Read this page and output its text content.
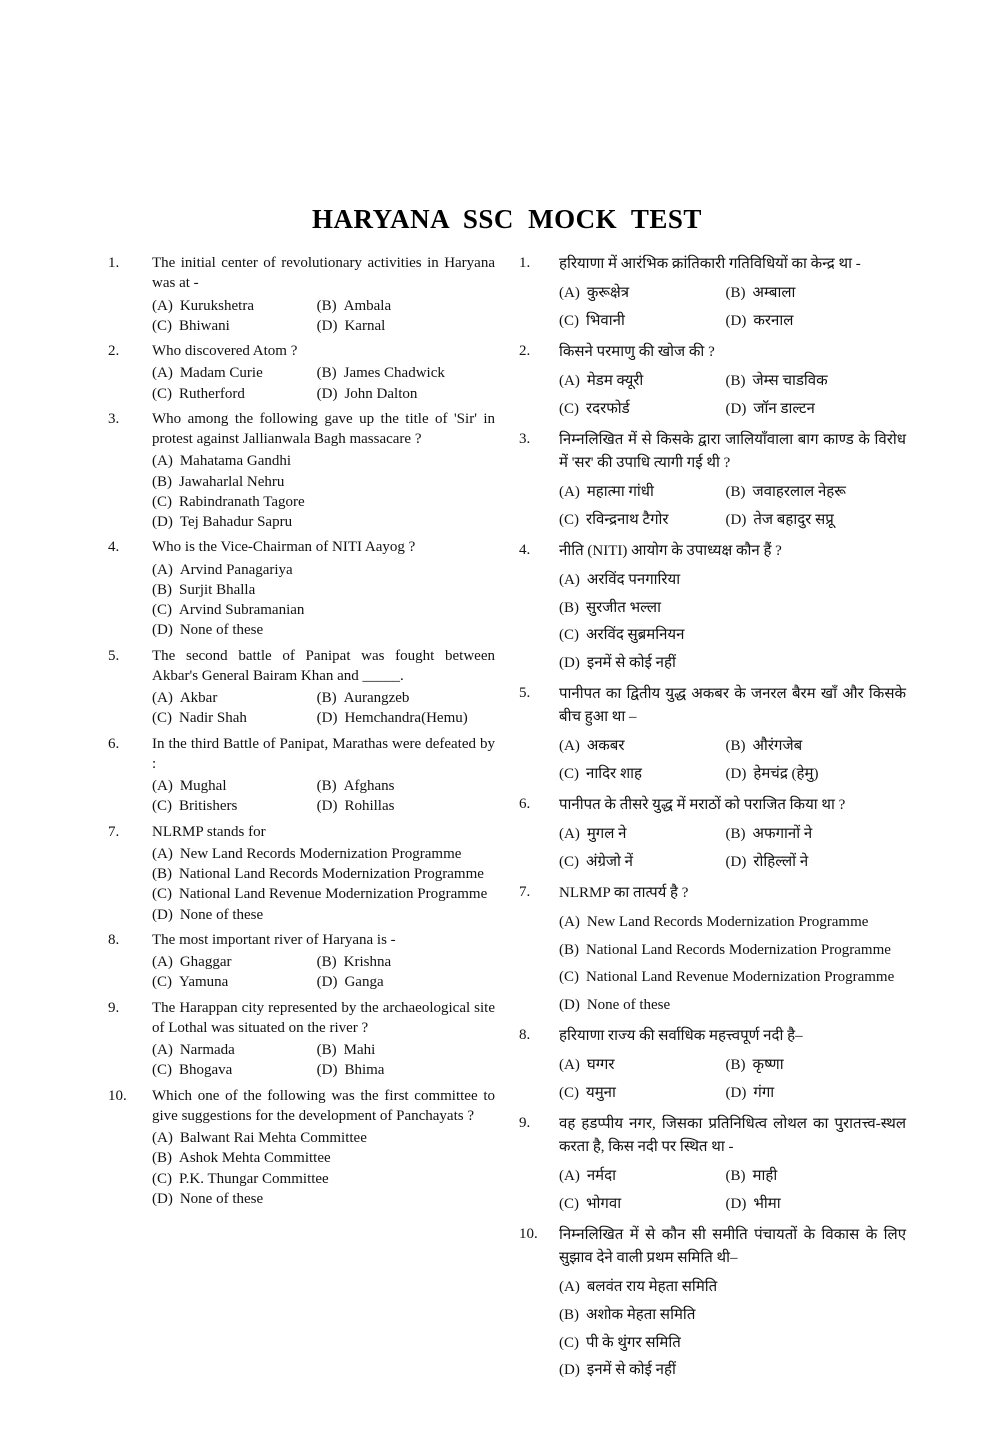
HARYANA SSC MOCK TEST
1.	The initial center of revolutionary activities in Haryana was at -
(A) Kurukshetra	(B) Ambala
(C) Bhiwani	(D) Karnal
2.	Who discovered Atom ?
(A) Madam Curie	(B) James Chadwick
(C) Rutherford	(D) John Dalton
3.	Who among the following gave up the title of 'Sir' in protest against Jallianwala Bagh massacare ?
(A) Mahatama Gandhi
(B) Jawaharlal Nehru
(C) Rabindranath Tagore
(D) Tej Bahadur Sapru
4.	Who is the Vice-Chairman of NITI Aayog ?
(A) Arvind Panagariya
(B) Surjit Bhalla
(C) Arvind Subramanian
(D) None of these
5.	The second battle of Panipat was fought between Akbar's General Bairam Khan and _____.
(A) Akbar	(B) Aurangzeb
(C) Nadir Shah	(D) Hemchandra(Hemu)
6.	In the third Battle of Panipat, Marathas were defeated by :
(A) Mughal	(B) Afghans
(C) Britishers	(D) Rohillas
7.	NLRMP stands for
(A) New Land Records Modernization Programme
(B) National Land Records Modernization Programme
(C) National Land Revenue Modernization Programme
(D) None of these
8.	The most important river of Haryana is -
(A) Ghaggar	(B) Krishna
(C) Yamuna	(D) Ganga
9.	The Harappan city represented by the archaeological site of Lothal was situated on the river ?
(A) Narmada	(B) Mahi
(C) Bhogava	(D) Bhima
10.	Which one of the following was the first committee to give suggestions for the development of Panchayats ?
(A) Balwant Rai Mehta Committee
(B) Ashok Mehta Committee
(C) P.K. Thungar Committee
(D) None of these
1.	हरियाणा में आरंभिक क्रांतिकारी गतिविधियों का केन्द्र था -
(A) कुरूक्षेत्र	(B) अम्बाला
(C) भिवानी	(D) करनाल
2.	किसने परमाणु की खोज की ?
(A) मेडम क्यूरी	(B) जेम्स चाडविक
(C) रदरफोर्ड	(D) जॉन डाल्टन
3.	निम्नलिखित में से किसके द्वारा जालियाँवाला बाग काण्ड के विरोध में 'सर' की उपाधि त्यागी गई थी ?
(A) महात्मा गांधी	(B) जवाहरलाल नेहरू
(C) रविन्द्रनाथ टैगोर	(D) तेज बहादुर सप्रू
4.	नीति (NITI) आयोग के उपाध्यक्ष कौन हैं ?
(A) अरविंद पनगारिया
(B) सुरजीत भल्ला
(C) अरविंद सुब्रमनियन
(D) इनमें से कोई नहीं
5.	पानीपत का द्वितीय युद्ध अकबर के जनरल बैरम खाँ और किसके बीच हुआ था –
(A) अकबर	(B) औरंगजेब
(C) नादिर शाह	(D) हेमचंद्र (हेमु)
6.	पानीपत के तीसरे युद्ध में मराठों को पराजित किया था ?
(A) मुगल ने	(B) अफगानों ने
(C) अंग्रेजो नें	(D) रोहिल्लों ने
7.	NLRMP का तात्पर्य है ?
(A) New Land Records Modernization Programme
(B) National Land Records Modernization Programme
(C) National Land Revenue Modernization Programme
(D) None of these
8.	हरियाणा राज्य की सर्वाधिक महत्त्वपूर्ण नदी है–
(A) घग्गर	(B) कृष्णा
(C) यमुना	(D) गंगा
9.	वह हडप्पीय नगर, जिसका प्रतिनिधित्व लोथल का पुरातत्त्व-स्थल करता है, किस नदी पर स्थित था -
(A) नर्मदा	(B) माही
(C) भोगवा	(D) भीमा
10.	निम्नलिखित में से कौन सी समीति पंचायतों के विकास के लिए सुझाव देने वाली प्रथम समिति थी–
(A) बलवंत राय मेहता समिति
(B) अशोक मेहता समिति
(C) पी के थुंगर समिति
(D) इनमें से कोई नहीं
